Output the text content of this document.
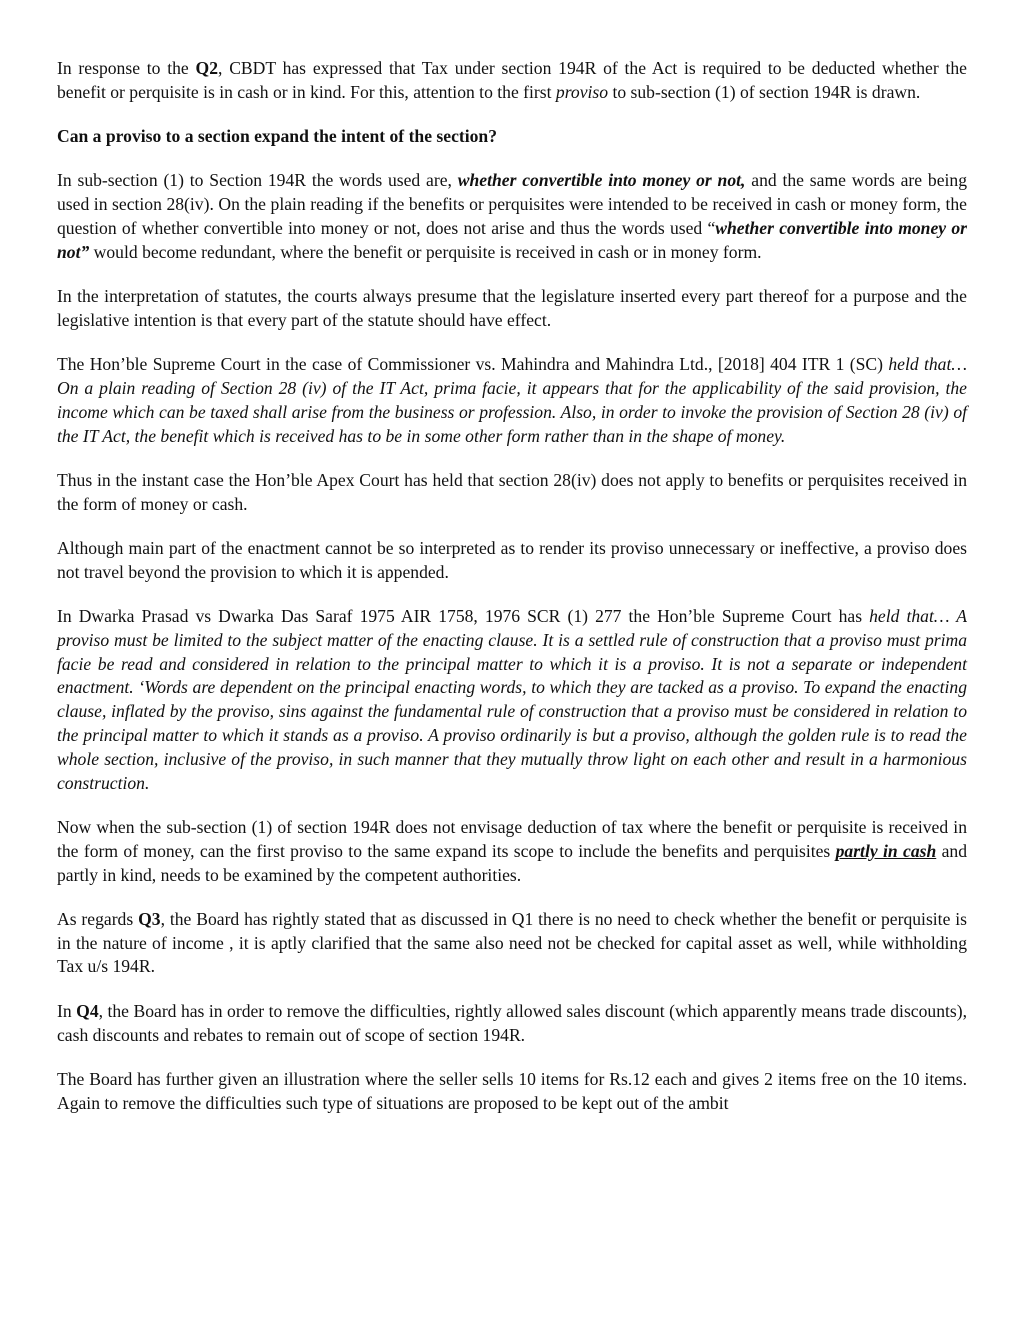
In response to the Q2, CBDT has expressed that Tax under section 194R of the Act is required to be deducted whether the benefit or perquisite is in cash or in kind. For this, attention to the first proviso to sub-section (1) of section 194R is drawn.

Can a proviso to a section expand the intent of the section?

In sub-section (1) to Section 194R the words used are, whether convertible into money or not, and the same words are being used in section 28(iv). On the plain reading if the benefits or perquisites were intended to be received in cash or money form, the question of whether convertible into money or not, does not arise and thus the words used “whether convertible into money or not” would become redundant, where the benefit or perquisite is received in cash or in money form.

In the interpretation of statutes, the courts always presume that the legislature inserted every part thereof for a purpose and the legislative intention is that every part of the statute should have effect.

The Hon’ble Supreme Court in the case of Commissioner vs. Mahindra and Mahindra Ltd., [2018] 404 ITR 1 (SC) held that… On a plain reading of Section 28 (iv) of the IT Act, prima facie, it appears that for the applicability of the said provision, the income which can be taxed shall arise from the business or profession. Also, in order to invoke the provision of Section 28 (iv) of the IT Act, the benefit which is received has to be in some other form rather than in the shape of money.

Thus in the instant case the Hon’ble Apex Court has held that section 28(iv) does not apply to benefits or perquisites received in the form of money or cash.

Although main part of the enactment cannot be so interpreted as to render its proviso unnecessary or ineffective, a proviso does not travel beyond the provision to which it is appended.

In Dwarka Prasad vs Dwarka Das Saraf 1975 AIR 1758, 1976 SCR (1) 277 the Hon’ble Supreme Court has held that… A proviso must be limited to the subject matter of the enacting clause. It is a settled rule of construction that a proviso must prima facie be read and considered in relation to the principal matter to which it is a proviso. It is not a separate or independent enactment. ‘Words are dependent on the principal enacting words, to which they are tacked as a proviso. To expand the enacting clause, inflated by the proviso, sins against the fundamental rule of construction that a proviso must be considered in relation to the principal matter to which it stands as a proviso. A proviso ordinarily is but a proviso, although the golden rule is to read the whole section, inclusive of the proviso, in such manner that they mutually throw light on each other and result in a harmonious construction.

Now when the sub-section (1) of section 194R does not envisage deduction of tax where the benefit or perquisite is received in the form of money, can the first proviso to the same expand its scope to include the benefits and perquisites partly in cash and partly in kind, needs to be examined by the competent authorities.

As regards Q3, the Board has rightly stated that as discussed in Q1 there is no need to check whether the benefit or perquisite is in the nature of income , it is aptly clarified that the same also need not be checked for capital asset as well, while withholding Tax u/s 194R.

In Q4, the Board has in order to remove the difficulties, rightly allowed sales discount (which apparently means trade discounts), cash discounts and rebates to remain out of scope of section 194R.

The Board has further given an illustration where the seller sells 10 items for Rs.12 each and gives 2 items free on the 10 items. Again to remove the difficulties such type of situations are proposed to be kept out of the ambit
